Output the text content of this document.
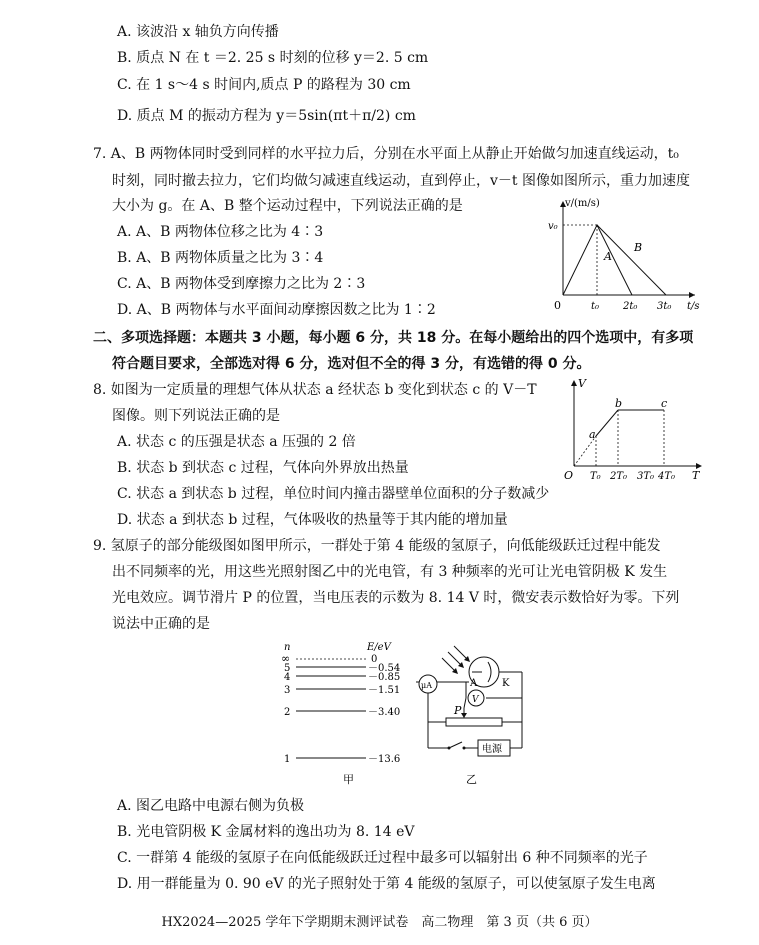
A. 该波沿 x 轴负方向传播
B. 质点 N 在 t ＝2. 25 s 时刻的位移 y＝2. 5 cm
C. 在 1 s～4 s 时间内,质点 P 的路程为 30 cm
D. 质点 M 的振动方程为 y＝5sin(πt＋π/2) cm
7. A、B 两物体同时受到同样的水平拉力后，分别在水平面上从静止开始做匀加速直线运动，t₀
时刻，同时撤去拉力，它们均做匀减速直线运动，直到停止，v－t 图像如图所示，重力加速度
大小为 g。在 A、B 整个运动过程中，下列说法正确的是
A. A、B 两物体位移之比为 4∶3
B. A、B 两物体质量之比为 3∶4
C. A、B 两物体受到摩擦力之比为 2∶3
D. A、B 两物体与水平面间动摩擦因数之比为 1∶2
v/(m/s)
v₀
0	t₀ 2t₀ 3t₀ t/s
A
B
二、多项选择题：本题共 3 小题，每小题 6 分，共 18 分。在每小题给出的四个选项中，有多项
符合题目要求，全部选对得 6 分，选对但不全的得 3 分，有选错的得 0 分。
8. 如图为一定质量的理想气体从状态 a 经状态 b 变化到状态 c 的 V－T
图像。则下列说法正确的是
A. 状态 c 的压强是状态 a 压强的 2 倍
B. 状态 b 到状态 c 过程，气体向外界放出热量
C. 状态 a 到状态 b 过程，单位时间内撞击器壁单位面积的分子数减少
D. 状态 a 到状态 b 过程，气体吸收的热量等于其内能的增加量
V
O T₀ 2T₀ 3T₀ 4T₀ T
a
b	c
9. 氢原子的部分能级图如图甲所示，一群处于第 4 能级的氢原子，向低能级跃迁过程中能发
出不同频率的光，用这些光照射图乙中的光电管，有 3 种频率的光可让光电管阴极 K 发生
光电效应。调节滑片 P 的位置，当电压表的示数为 8. 14 V 时，微安表示数恰好为零。下列
说法中正确的是
n	E/eV
∞	0
5	－0.54
4	－0.85
3	－1.51
2	－3.40
1	－13.6
甲
A K
μA
V
P
电源
乙
A. 图乙电路中电源右侧为负极
B. 光电管阴极 K 金属材料的逸出功为 8. 14 eV
C. 一群第 4 能级的氢原子在向低能级跃迁过程中最多可以辐射出 6 种不同频率的光子
D. 用一群能量为 0. 90 eV 的光子照射处于第 4 能级的氢原子，可以使氢原子发生电离
HX2024—2025 学年下学期期末测评试卷　高二物理　第 3 页（共 6 页）
